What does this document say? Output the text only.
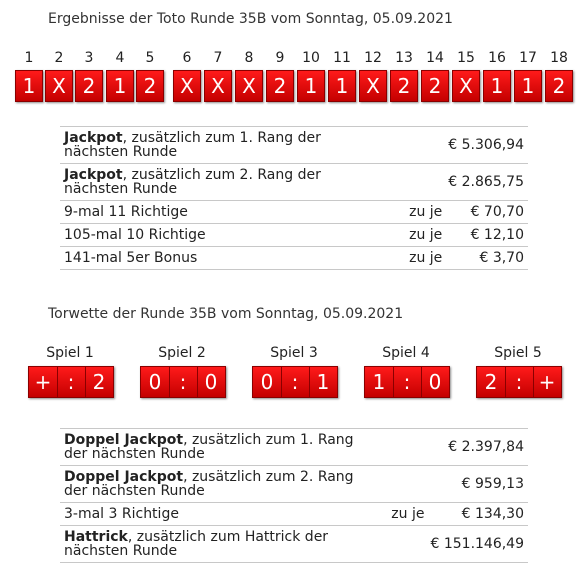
Ergebnisse der Toto Runde 35B vom Sonntag, 05.09.2021
1	2	3	4	5	6	7	8	9	10 11 12 13 14 15 16 17 18
1 X 2 1 2	X X X 2 1 1 X 2 2 X 1 1 2
Jackpot, zusätzlich zum 1. Rang der nächsten Runde		€ 5.306,94
Jackpot, zusätzlich zum 2. Rang der nächsten Runde		€ 2.865,75
9-mal 11 Richtige	zu je	€ 70,70
105-mal 10 Richtige	zu je	€ 12,10
141-mal 5er Bonus	zu je	€ 3,70
Torwette der Runde 35B vom Sonntag, 05.09.2021
Spiel 1	Spiel 2	Spiel 3	Spiel 4	Spiel 5
+ : 2	0 : 0	0 : 1	1 : 0	2 : +
Doppel Jackpot, zusätzlich zum 1. Rang der nächsten Runde		€ 2.397,84
Doppel Jackpot, zusätzlich zum 2. Rang der nächsten Runde		€ 959,13
3-mal 3 Richtige	zu je	€ 134,30
Hattrick, zusätzlich zum Hattrick der nächsten Runde		€ 151.146,49
